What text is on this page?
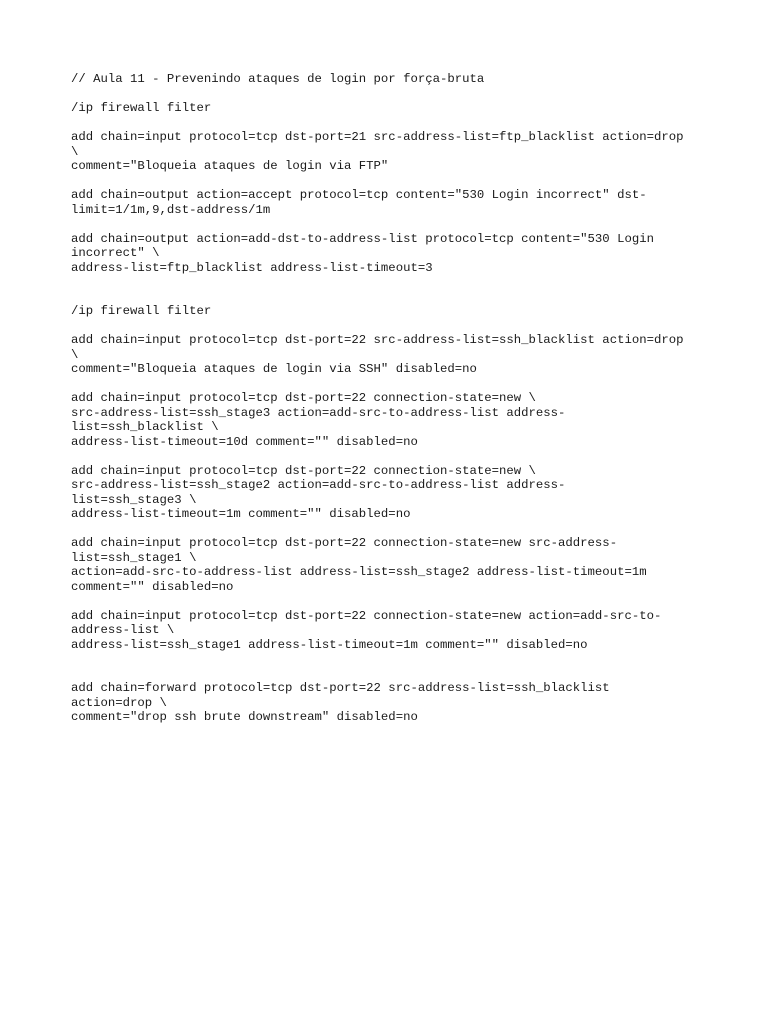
// Aula 11 - Prevenindo ataques de login por força-bruta
/ip firewall filter
add chain=input protocol=tcp dst-port=21 src-address-list=ftp_blacklist action=drop
\
comment="Bloqueia ataques de login via FTP"
add chain=output action=accept protocol=tcp content="530 Login incorrect" dst-
limit=1/1m,9,dst-address/1m
add chain=output action=add-dst-to-address-list protocol=tcp content="530 Login
incorrect" \
address-list=ftp_blacklist address-list-timeout=3
/ip firewall filter
add chain=input protocol=tcp dst-port=22 src-address-list=ssh_blacklist action=drop
\
comment="Bloqueia ataques de login via SSH" disabled=no
add chain=input protocol=tcp dst-port=22 connection-state=new \
src-address-list=ssh_stage3 action=add-src-to-address-list address-
list=ssh_blacklist \
address-list-timeout=10d comment="" disabled=no
add chain=input protocol=tcp dst-port=22 connection-state=new \
src-address-list=ssh_stage2 action=add-src-to-address-list address-
list=ssh_stage3 \
address-list-timeout=1m comment="" disabled=no
add chain=input protocol=tcp dst-port=22 connection-state=new src-address-
list=ssh_stage1 \
action=add-src-to-address-list address-list=ssh_stage2 address-list-timeout=1m
comment="" disabled=no
add chain=input protocol=tcp dst-port=22 connection-state=new action=add-src-to-
address-list \
address-list=ssh_stage1 address-list-timeout=1m comment="" disabled=no
add chain=forward protocol=tcp dst-port=22 src-address-list=ssh_blacklist
action=drop \
comment="drop ssh brute downstream" disabled=no
